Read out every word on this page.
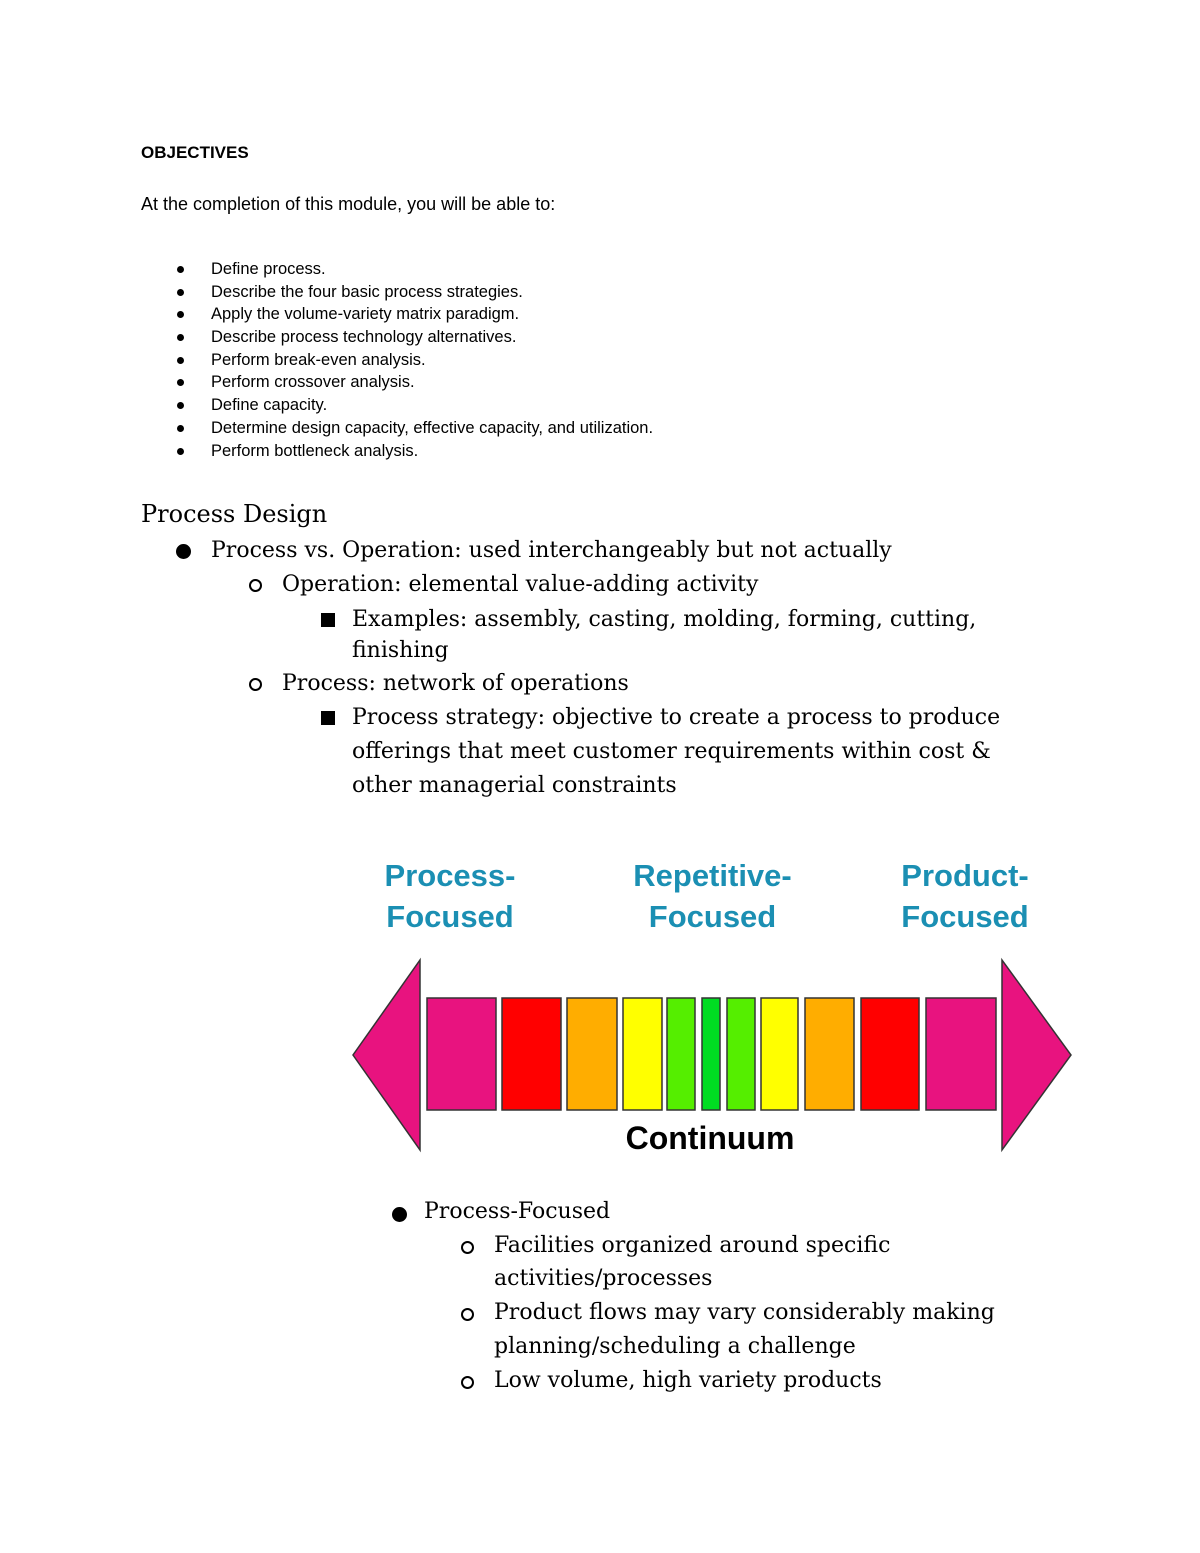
OBJECTIVES
At the completion of this module, you will be able to:
Define process.
Describe the four basic process strategies.
Apply the volume-variety matrix paradigm.
Describe process technology alternatives.
Perform break-even analysis.
Perform crossover analysis.
Define capacity.
Determine design capacity, effective capacity, and utilization.
Perform bottleneck analysis.
Process Design
Process vs. Operation: used interchangeably but not actually
Operation: elemental value-adding activity
Examples: assembly, casting, molding, forming, cutting,
finishing
Process: network of operations
Process strategy: objective to create a process to produce
offerings that meet customer requirements within cost &
other managerial constraints
Process-
Focused
Repetitive-
Focused
Product-
Focused
Continuum
Process-Focused
Facilities organized around specific
activities/processes
Product flows may vary considerably making
planning/scheduling a challenge
Low volume, high variety products
